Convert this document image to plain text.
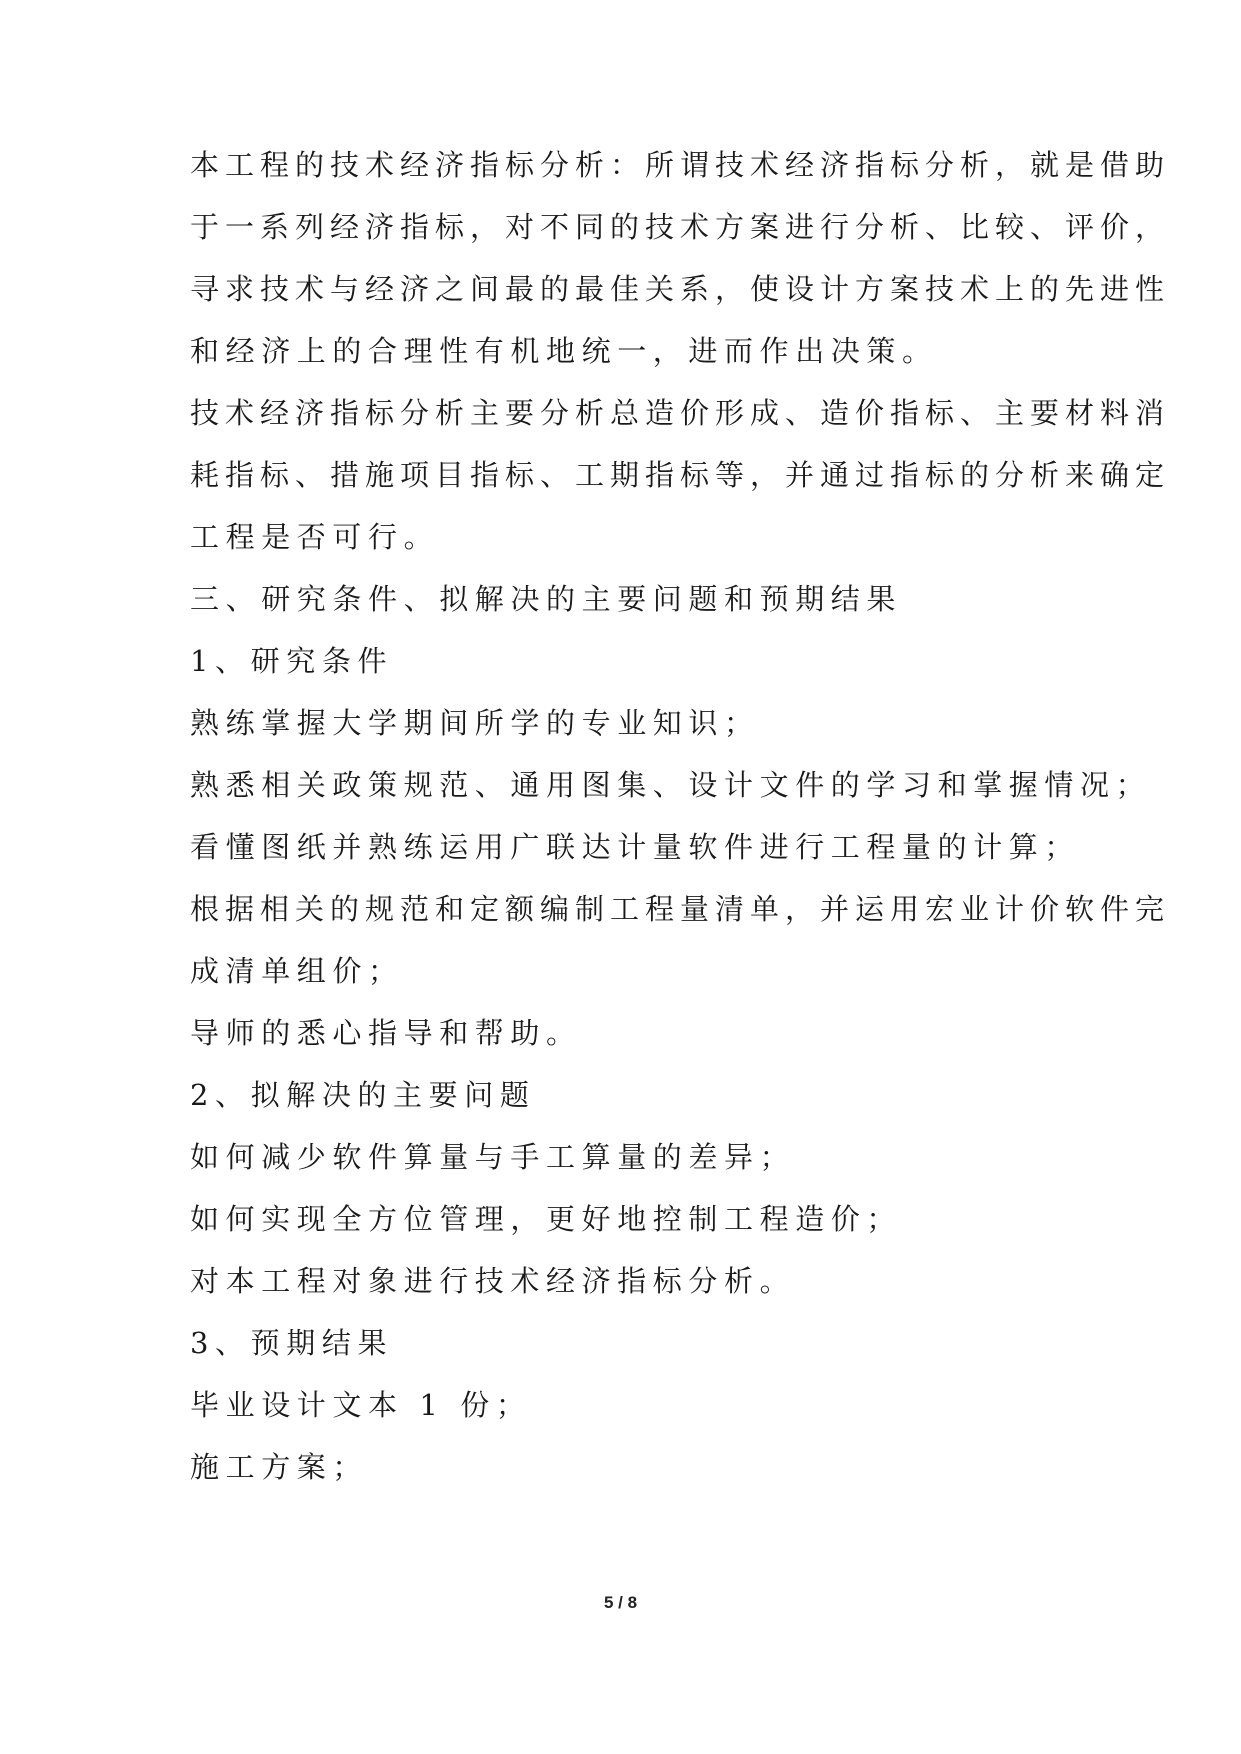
本工程的技术经济指标分析：所谓技术经济指标分析，就是借助
于一系列经济指标，对不同的技术方案进行分析、比较、评价，
寻求技术与经济之间最的最佳关系，使设计方案技术上的先进性
和经济上的合理性有机地统一，进而作出决策。
技术经济指标分析主要分析总造价形成、造价指标、主要材料消
耗指标、措施项目指标、工期指标等，并通过指标的分析来确定
工程是否可行。
三、研究条件、拟解决的主要问题和预期结果
1、研究条件
熟练掌握大学期间所学的专业知识；
熟悉相关政策规范、通用图集、设计文件的学习和掌握情况；
看懂图纸并熟练运用广联达计量软件进行工程量的计算；
根据相关的规范和定额编制工程量清单，并运用宏业计价软件完
成清单组价；
导师的悉心指导和帮助。
2、拟解决的主要问题
如何减少软件算量与手工算量的差异；
如何实现全方位管理，更好地控制工程造价；
对本工程对象进行技术经济指标分析。
3、预期结果
毕业设计文本 1 份；
施工方案；
5 / 8
